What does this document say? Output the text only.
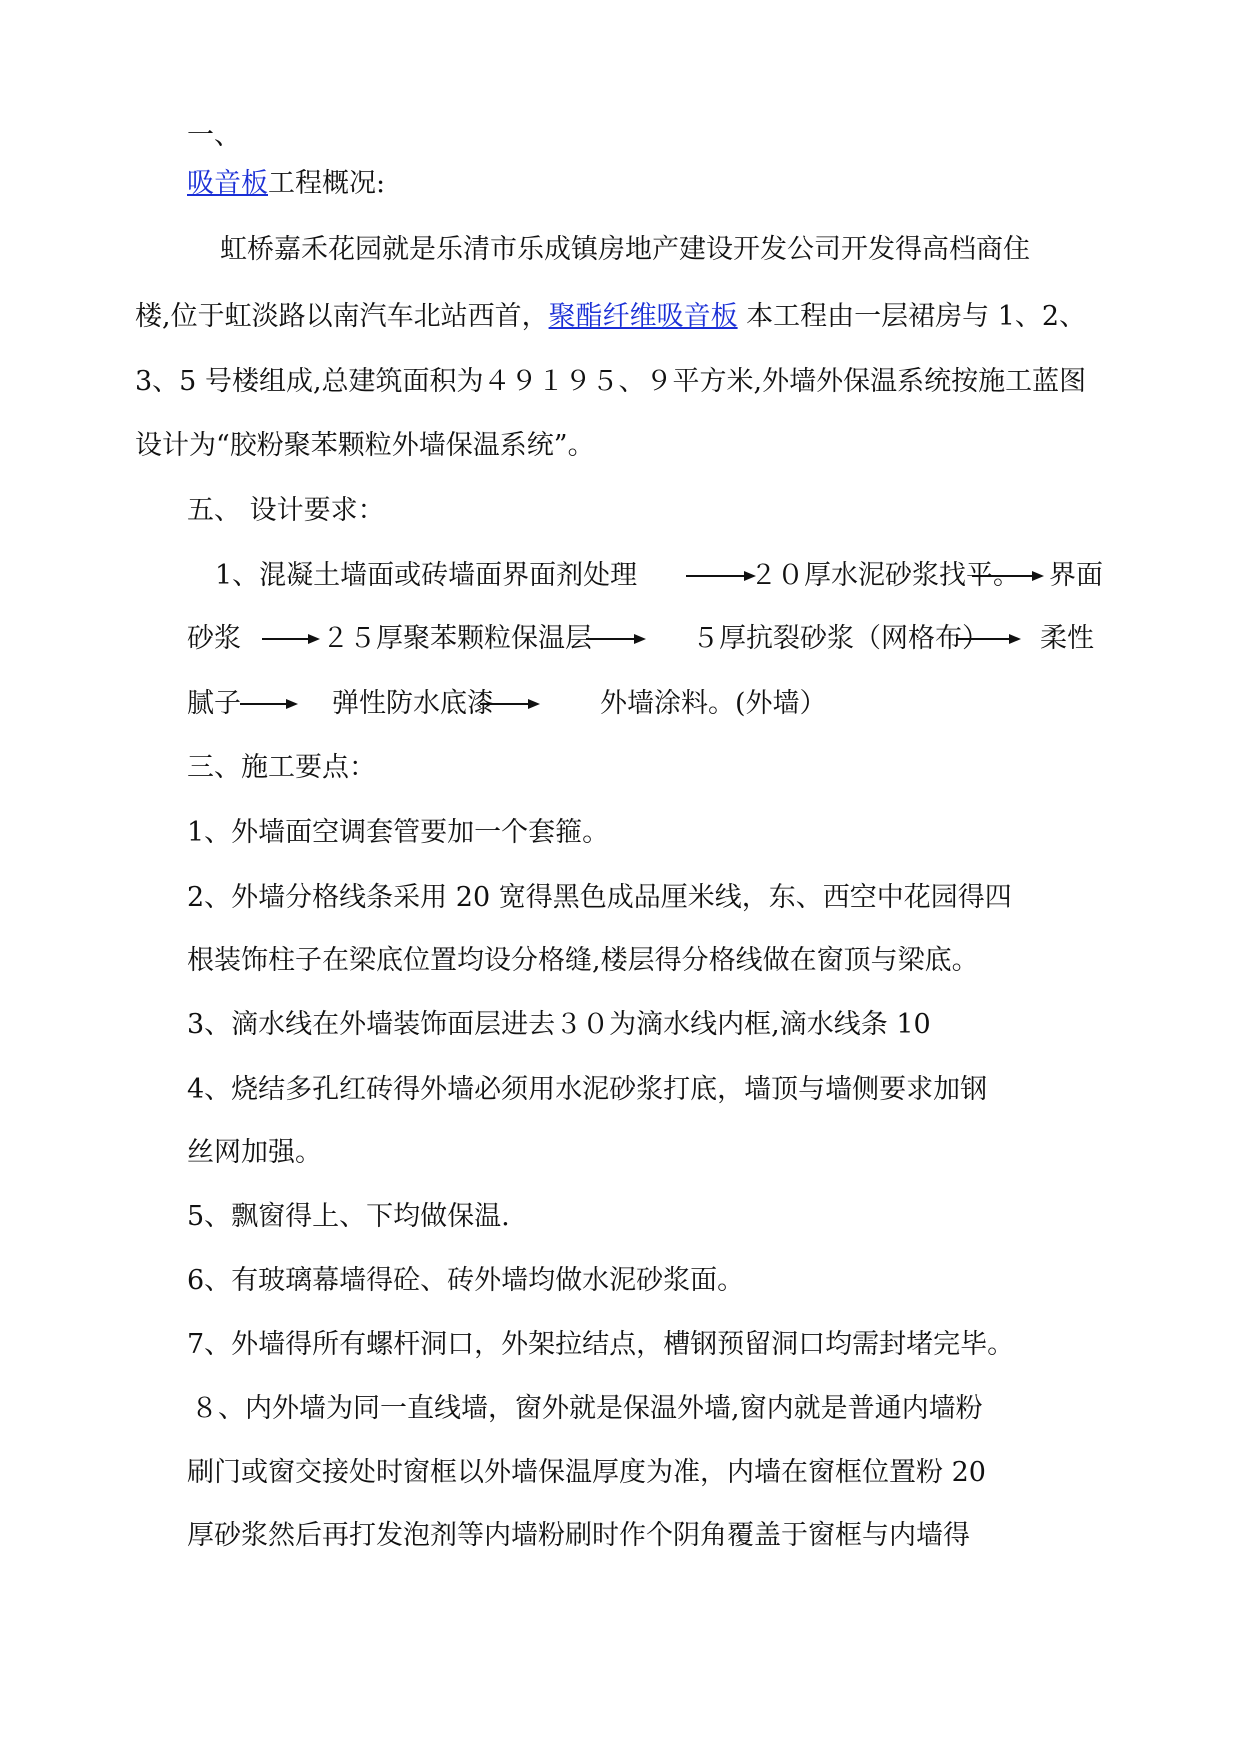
一、
吸音板工程概况:
虹桥嘉禾花园就是乐清市乐成镇房地产建设开发公司开发得高档商住
楼,位于虹淡路以南汽车北站西首，聚酯纤维吸音板 本工程由一层裙房与 1、2、
3、5 号楼组成,总建筑面积为４９１９５、９平方米,外墙外保温系统按施工蓝图
设计为“胶粉聚苯颗粒外墙保温系统”。
五、 设计要求：
1、混凝土墙面或砖墙面界面剂处理	２０厚水泥砂浆找平。 界面
砂浆	２５厚聚苯颗粒保温层	５厚抗裂砂浆（网格布） 柔性
腻子	弹性防水底漆	外墙涂料。(外墙）
三、施工要点：
1、外墙面空调套管要加一个套箍。
2、外墙分格线条采用 20 宽得黑色成品厘米线，东、西空中花园得四
根装饰柱子在梁底位置均设分格缝,楼层得分格线做在窗顶与梁底。
3、滴水线在外墙装饰面层进去３０为滴水线内框,滴水线条 10
4、烧结多孔红砖得外墙必须用水泥砂浆打底，墙顶与墙侧要求加钢
丝网加强。
5、飘窗得上、下均做保温.
6、有玻璃幕墙得砼、砖外墙均做水泥砂浆面。
7、外墙得所有螺杆洞口，外架拉结点，槽钢预留洞口均需封堵完毕。
８、内外墙为同一直线墙，窗外就是保温外墙,窗内就是普通内墙粉
刷门或窗交接处时窗框以外墙保温厚度为准，内墙在窗框位置粉 20
厚砂浆然后再打发泡剂等内墙粉刷时作个阴角覆盖于窗框与内墙得
